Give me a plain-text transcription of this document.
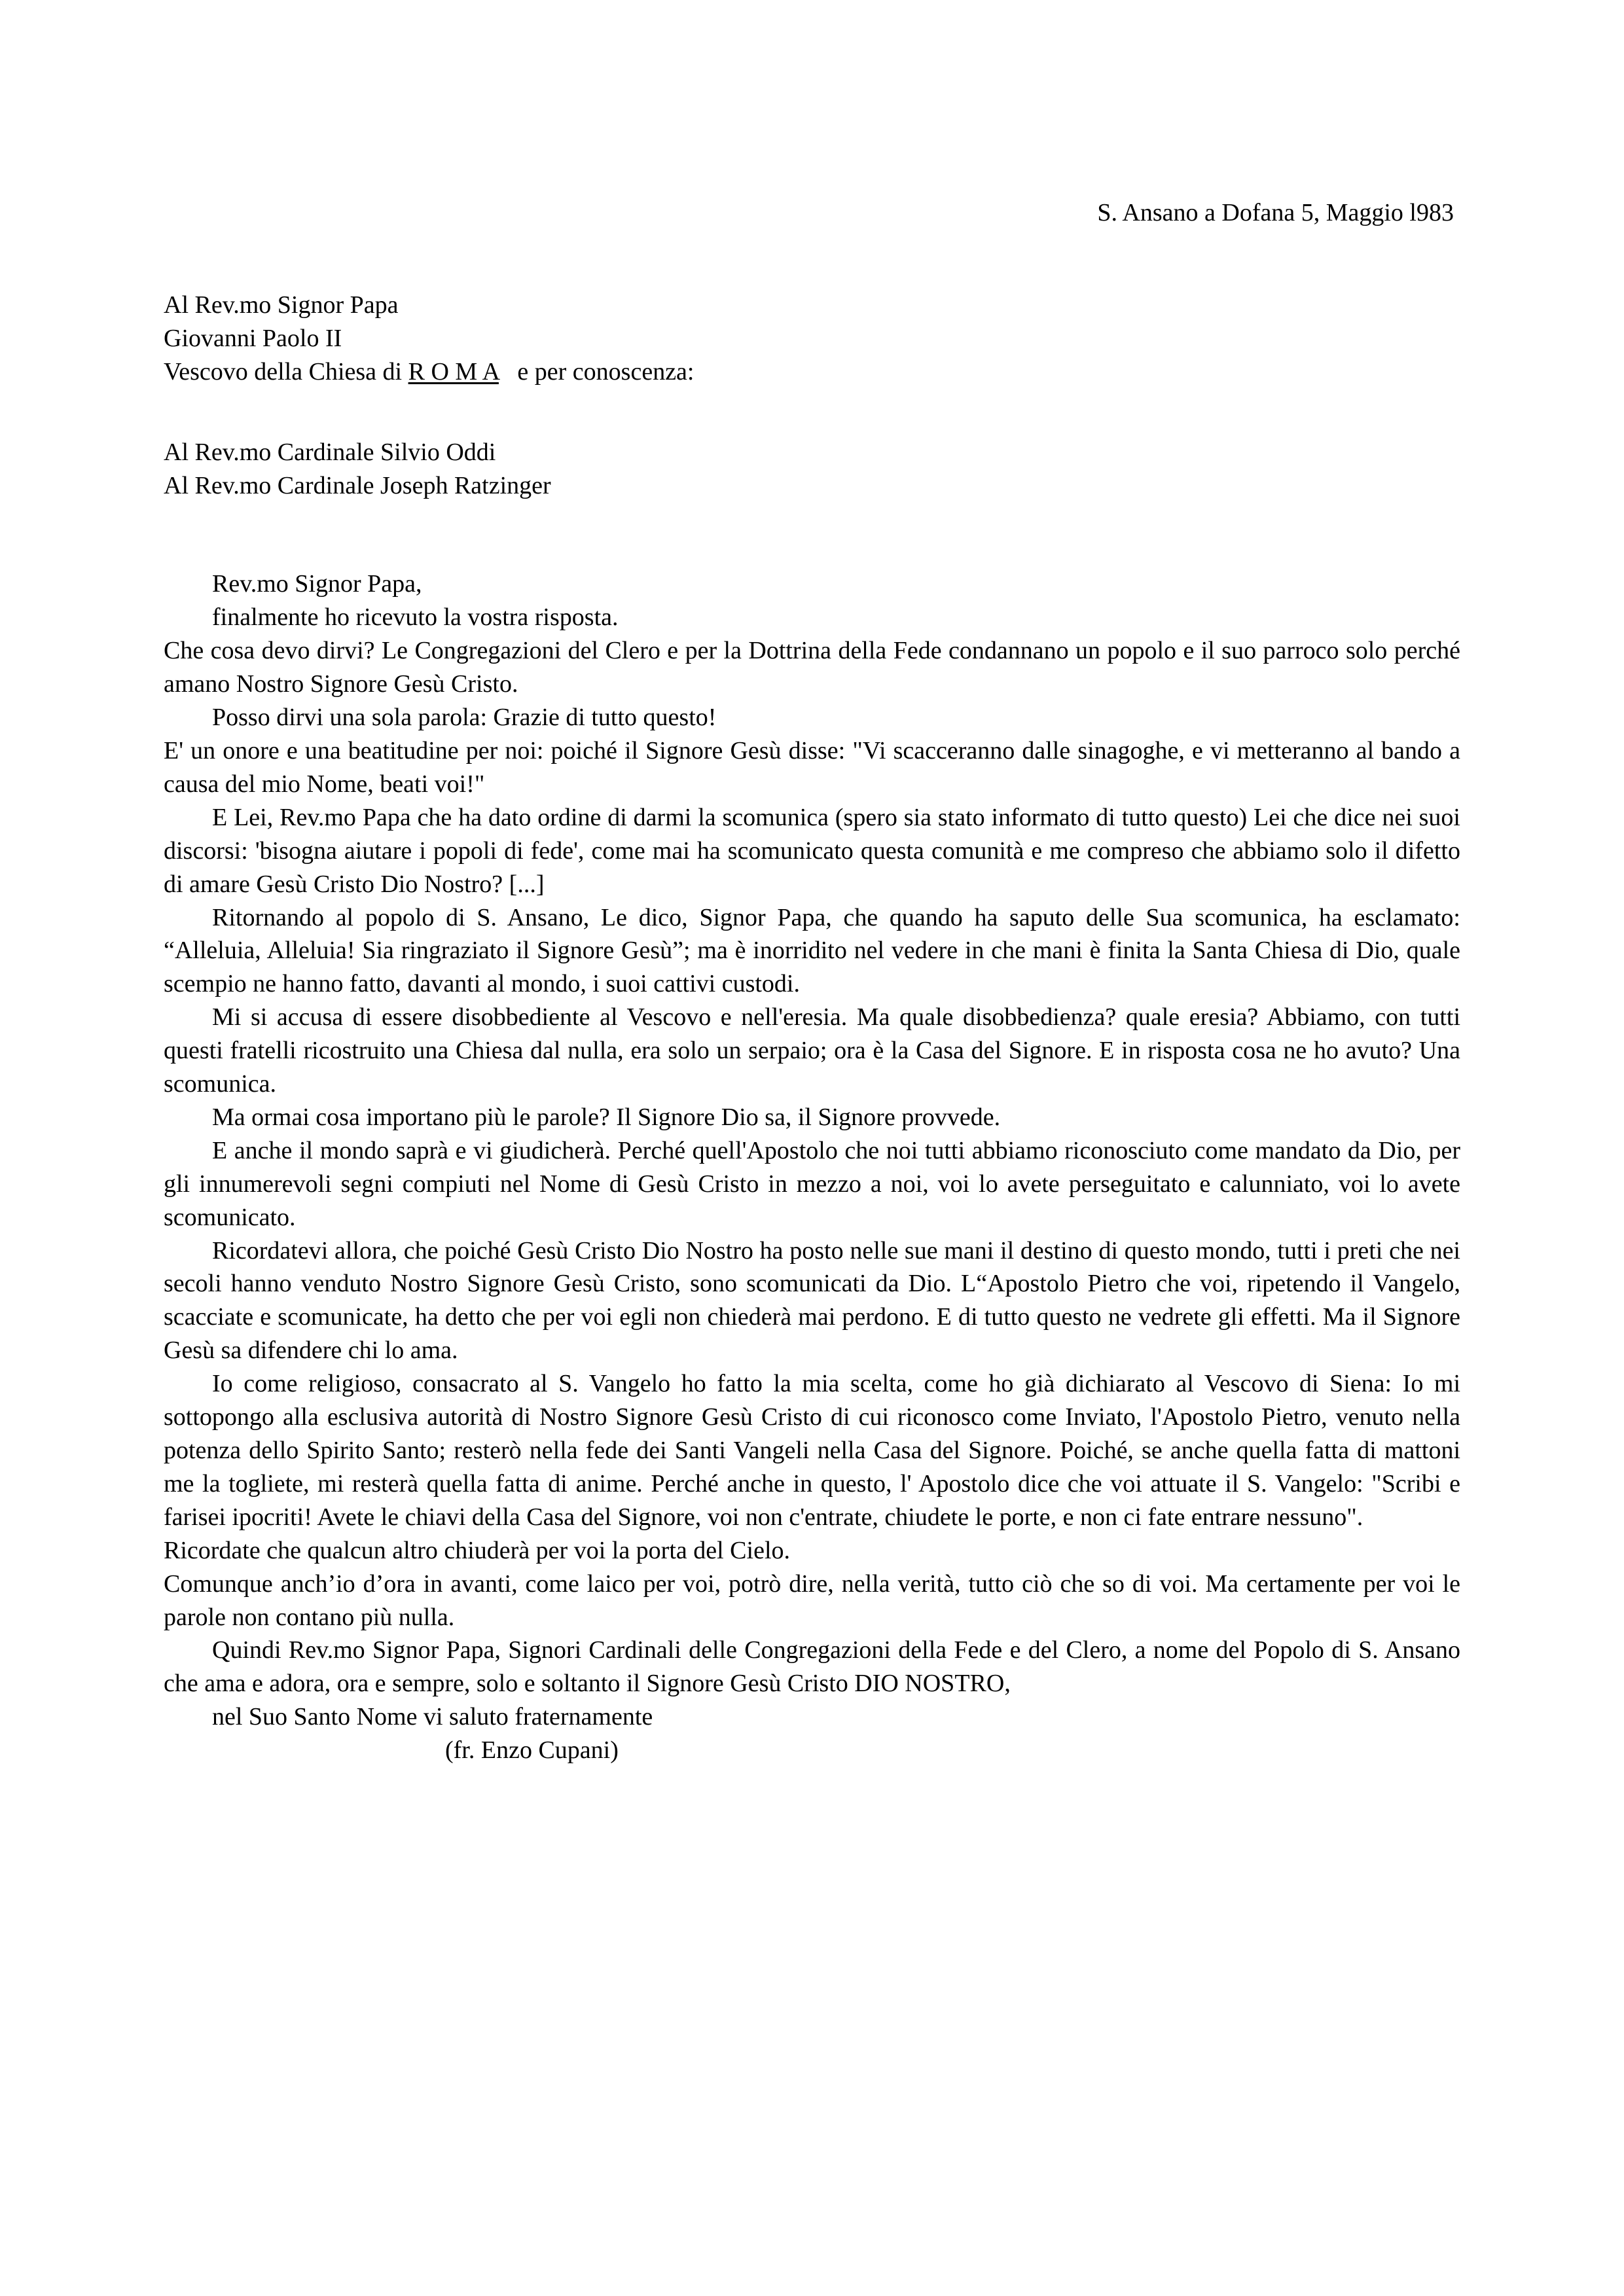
S. Ansano a Dofana 5, Maggio l983

Al Rev.mo Signor Papa

Giovanni Paolo II

Vescovo della Chiesa di R O M A   e per conoscenza:

Al Rev.mo Cardinale Silvio Oddi

Al Rev.mo Cardinale Joseph Ratzinger

Rev.mo Signor Papa,

finalmente ho ricevuto la vostra risposta.

Che cosa devo dirvi? Le Congregazioni del Clero e per la Dottrina della Fede condannano un popolo e il suo parroco solo perché amano Nostro Signore Gesù Cristo.

Posso dirvi una sola parola: Grazie di tutto questo!

E' un onore e una beatitudine per noi: poiché il Signore Gesù disse: "Vi scacceranno dalle sinagoghe, e vi metteranno al bando a causa del mio Nome, beati voi!"

E Lei, Rev.mo Papa che ha dato ordine di darmi la scomunica (spero sia stato informato di tutto questo) Lei che dice nei suoi discorsi: 'bisogna aiutare i popoli di fede', come mai ha scomunicato questa comunità e me compreso che abbiamo solo il difetto di amare Gesù Cristo Dio Nostro? [...]

Ritornando al popolo di S. Ansano, Le dico, Signor Papa, che quando ha saputo delle Sua scomunica, ha esclamato: “Alleluia, Alleluia! Sia ringraziato il Signore Gesù”; ma è inorridito nel vedere in che mani è finita la Santa Chiesa di Dio, quale scempio ne hanno fatto, davanti al mondo, i suoi cattivi custodi.

Mi si accusa di essere disobbediente al Vescovo e nell'eresia. Ma quale disobbedienza? quale eresia? Abbiamo, con tutti questi fratelli ricostruito una Chiesa dal nulla, era solo un serpaio; ora è la Casa del Signore. E in risposta cosa ne ho avuto? Una scomunica.

Ma ormai cosa importano più le parole? Il Signore Dio sa, il Signore provvede.

E anche il mondo saprà e vi giudicherà. Perché quell'Apostolo che noi tutti abbiamo riconosciuto come mandato da Dio, per gli innumerevoli segni compiuti nel Nome di Gesù Cristo in mezzo a noi, voi lo avete perseguitato e calunniato, voi lo avete scomunicato.

Ricordatevi allora, che poiché Gesù Cristo Dio Nostro ha posto nelle sue mani il destino di questo mondo, tutti i preti che nei secoli hanno venduto Nostro Signore Gesù Cristo, sono scomunicati da Dio. L“Apostolo Pietro che voi, ripetendo il Vangelo, scacciate e scomunicate, ha detto che per voi egli non chiederà mai perdono. E di tutto questo ne vedrete gli effetti. Ma il Signore Gesù sa difendere chi lo ama.

Io come religioso, consacrato al S. Vangelo ho fatto la mia scelta, come ho già dichiarato al Vescovo di Siena: Io mi sottopongo alla esclusiva autorità di Nostro Signore Gesù Cristo di cui riconosco come Inviato, l'Apostolo Pietro, venuto nella potenza dello Spirito Santo; resterò nella fede dei Santi Vangeli nella Casa del Signore. Poiché, se anche quella fatta di mattoni me la togliete, mi resterà quella fatta di anime. Perché anche in questo, l' Apostolo dice che voi attuate il S. Vangelo: "Scribi e farisei ipocriti! Avete le chiavi della Casa del Signore, voi non c'entrate, chiudete le porte, e non ci fate entrare nessuno".

Ricordate che qualcun altro chiuderà per voi la porta del Cielo.

Comunque anch’io d’ora in avanti, come laico per voi, potrò dire, nella verità, tutto ciò che so di voi. Ma certamente per voi le parole non contano più nulla.

Quindi Rev.mo Signor Papa, Signori Cardinali delle Congregazioni della Fede e del Clero, a nome del Popolo di S. Ansano che ama e adora, ora e sempre, solo e soltanto il Signore Gesù Cristo DIO NOSTRO,

nel Suo Santo Nome vi saluto fraternamente

(fr. Enzo Cupani)
